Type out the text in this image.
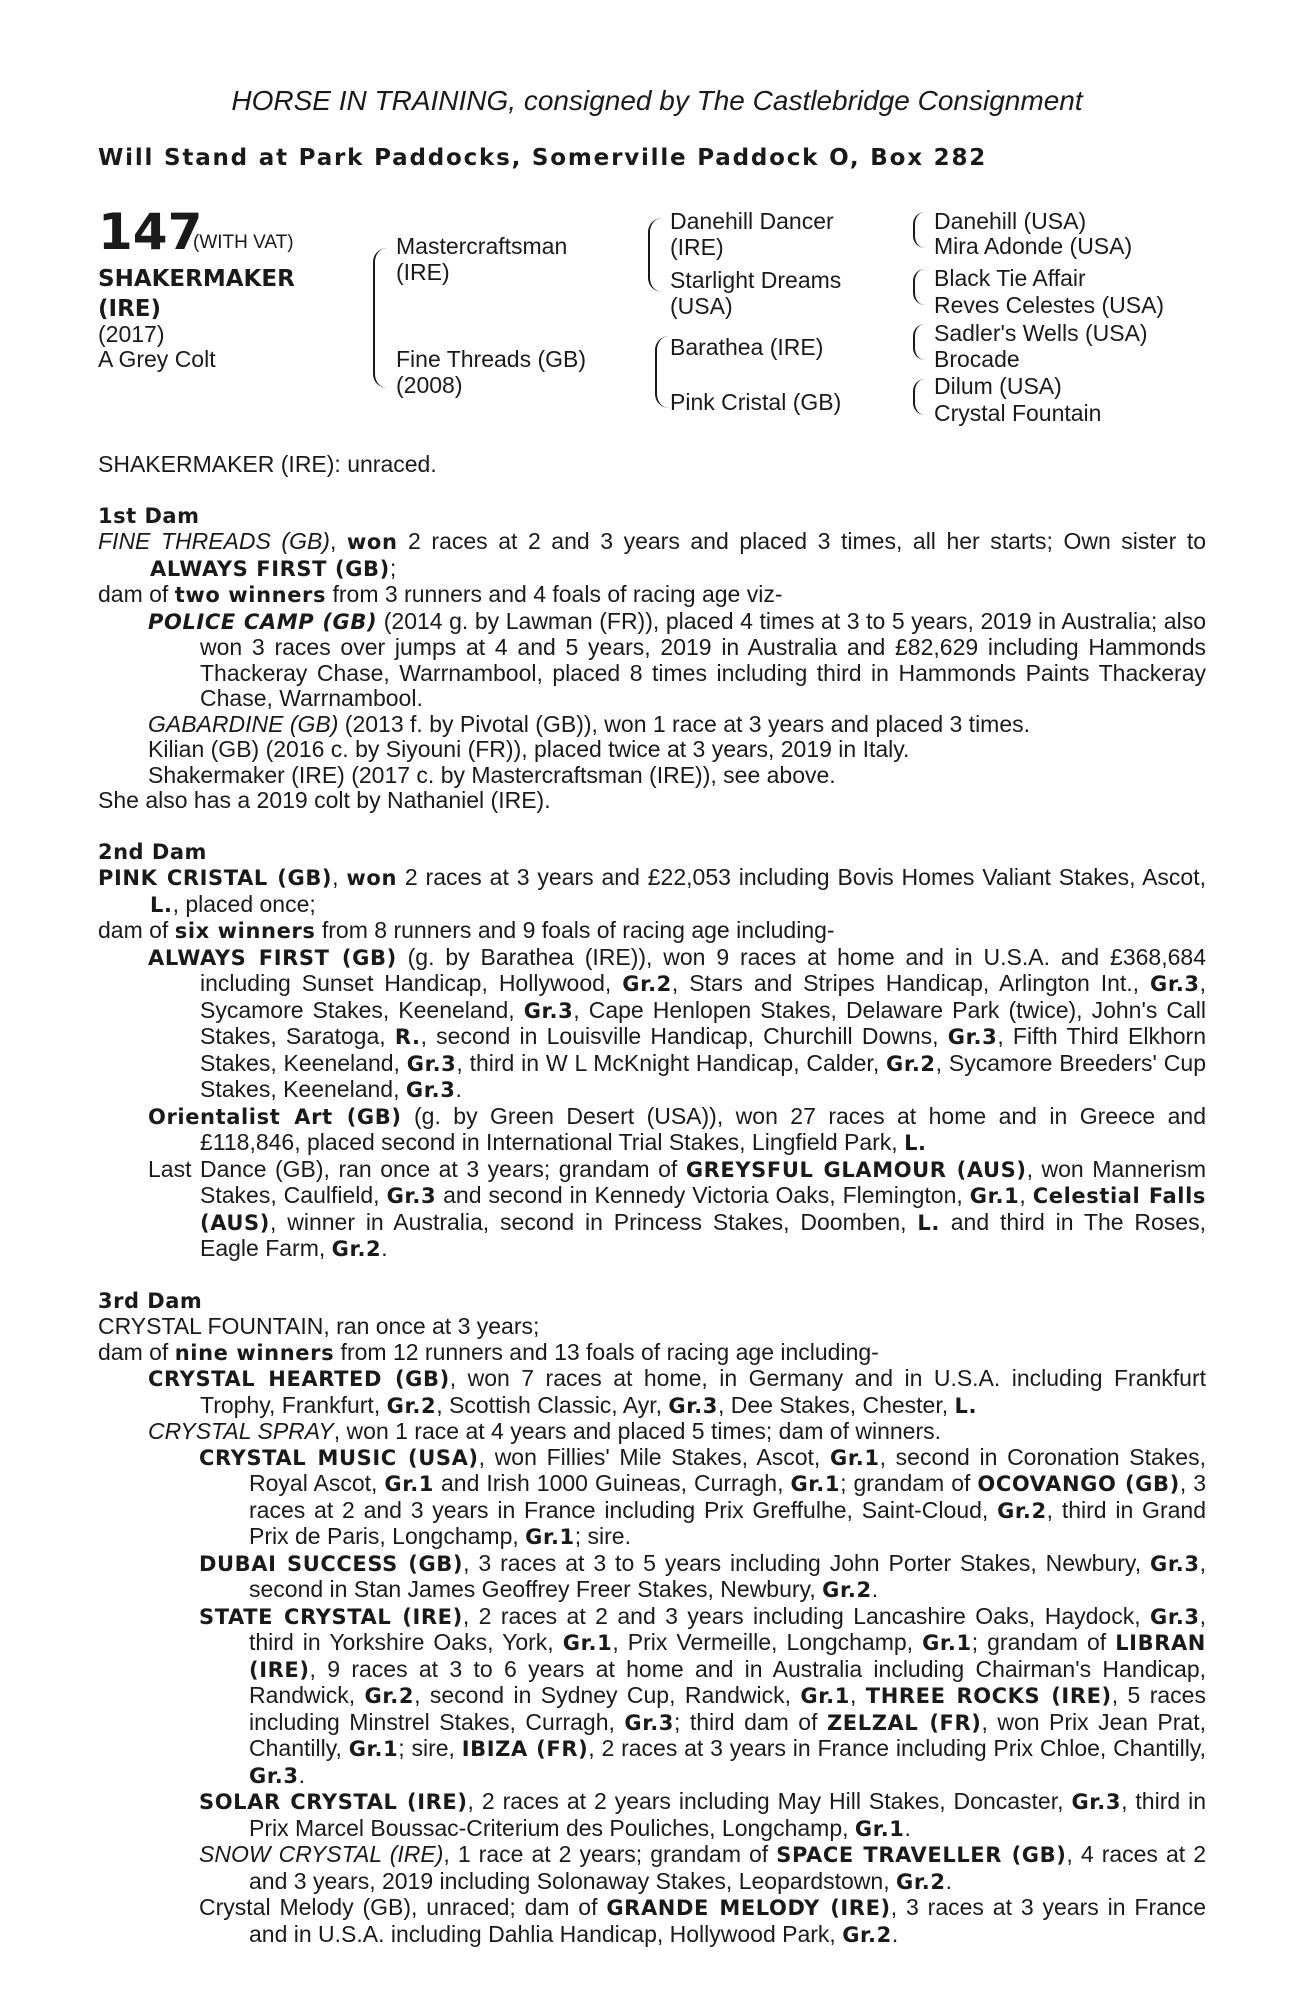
HORSE IN TRAINING, consigned by The Castlebridge Consignment
Will Stand at Park Paddocks, Somerville Paddock O, Box 282
147
(WITH VAT)
SHAKERMAKER
(IRE)
(2017)
A Grey Colt
Mastercraftsman
(IRE)
Fine Threads (GB)
(2008)
Danehill Dancer
(IRE)
Starlight Dreams
(USA)
Barathea (IRE)
Pink Cristal (GB)
Danehill (USA)
Mira Adonde (USA)
Black Tie Affair
Reves Celestes (USA)
Sadler's Wells (USA)
Brocade
Dilum (USA)
Crystal Fountain

SHAKERMAKER (IRE): unraced.

1st Dam

FINE THREADS (GB), won 2 races at 2 and 3 years and placed 3 times, all her starts; Own sister to ALWAYS FIRST (GB);

dam of two winners from 3 runners and 4 foals of racing age viz-

POLICE CAMP (GB) (2014 g. by Lawman (FR)), placed 4 times at 3 to 5 years, 2019 in Australia; also won 3 races over jumps at 4 and 5 years, 2019 in Australia and £82,629 including Hammonds Thackeray Chase, Warrnambool, placed 8 times including third in Hammonds Paints Thackeray Chase, Warrnambool.

GABARDINE (GB) (2013 f. by Pivotal (GB)), won 1 race at 3 years and placed 3 times.

Kilian (GB) (2016 c. by Siyouni (FR)), placed twice at 3 years, 2019 in Italy.

Shakermaker (IRE) (2017 c. by Mastercraftsman (IRE)), see above.

She also has a 2019 colt by Nathaniel (IRE).

2nd Dam

PINK CRISTAL (GB), won 2 races at 3 years and £22,053 including Bovis Homes Valiant Stakes, Ascot, L., placed once;

dam of six winners from 8 runners and 9 foals of racing age including-

ALWAYS FIRST (GB) (g. by Barathea (IRE)), won 9 races at home and in U.S.A. and £368,684 including Sunset Handicap, Hollywood, Gr.2, Stars and Stripes Handicap, Arlington Int., Gr.3, Sycamore Stakes, Keeneland, Gr.3, Cape Henlopen Stakes, Delaware Park (twice), John's Call Stakes, Saratoga, R., second in Louisville Handicap, Churchill Downs, Gr.3, Fifth Third Elkhorn Stakes, Keeneland, Gr.3, third in W L McKnight Handicap, Calder, Gr.2, Sycamore Breeders' Cup Stakes, Keeneland, Gr.3.

Orientalist Art (GB) (g. by Green Desert (USA)), won 27 races at home and in Greece and £118,846, placed second in International Trial Stakes, Lingfield Park, L.

Last Dance (GB), ran once at 3 years; grandam of GREYSFUL GLAMOUR (AUS), won Mannerism Stakes, Caulfield, Gr.3 and second in Kennedy Victoria Oaks, Flemington, Gr.1, Celestial Falls (AUS), winner in Australia, second in Princess Stakes, Doomben, L. and third in The Roses, Eagle Farm, Gr.2.

3rd Dam

CRYSTAL FOUNTAIN, ran once at 3 years;

dam of nine winners from 12 runners and 13 foals of racing age including-

CRYSTAL HEARTED (GB), won 7 races at home, in Germany and in U.S.A. including Frankfurt Trophy, Frankfurt, Gr.2, Scottish Classic, Ayr, Gr.3, Dee Stakes, Chester, L.

CRYSTAL SPRAY, won 1 race at 4 years and placed 5 times; dam of winners.

CRYSTAL MUSIC (USA), won Fillies' Mile Stakes, Ascot, Gr.1, second in Coronation Stakes, Royal Ascot, Gr.1 and Irish 1000 Guineas, Curragh, Gr.1; grandam of OCOVANGO (GB), 3 races at 2 and 3 years in France including Prix Greffulhe, Saint-Cloud, Gr.2, third in Grand Prix de Paris, Longchamp, Gr.1; sire.

DUBAI SUCCESS (GB), 3 races at 3 to 5 years including John Porter Stakes, Newbury, Gr.3, second in Stan James Geoffrey Freer Stakes, Newbury, Gr.2.

STATE CRYSTAL (IRE), 2 races at 2 and 3 years including Lancashire Oaks, Haydock, Gr.3, third in Yorkshire Oaks, York, Gr.1, Prix Vermeille, Longchamp, Gr.1; grandam of LIBRAN (IRE), 9 races at 3 to 6 years at home and in Australia including Chairman's Handicap, Randwick, Gr.2, second in Sydney Cup, Randwick, Gr.1, THREE ROCKS (IRE), 5 races including Minstrel Stakes, Curragh, Gr.3; third dam of ZELZAL (FR), won Prix Jean Prat, Chantilly, Gr.1; sire, IBIZA (FR), 2 races at 3 years in France including Prix Chloe, Chantilly, Gr.3.

SOLAR CRYSTAL (IRE), 2 races at 2 years including May Hill Stakes, Doncaster, Gr.3, third in Prix Marcel Boussac-Criterium des Pouliches, Longchamp, Gr.1.

SNOW CRYSTAL (IRE), 1 race at 2 years; grandam of SPACE TRAVELLER (GB), 4 races at 2 and 3 years, 2019 including Solonaway Stakes, Leopardstown, Gr.2.

Crystal Melody (GB), unraced; dam of GRANDE MELODY (IRE), 3 races at 3 years in France and in U.S.A. including Dahlia Handicap, Hollywood Park, Gr.2.
